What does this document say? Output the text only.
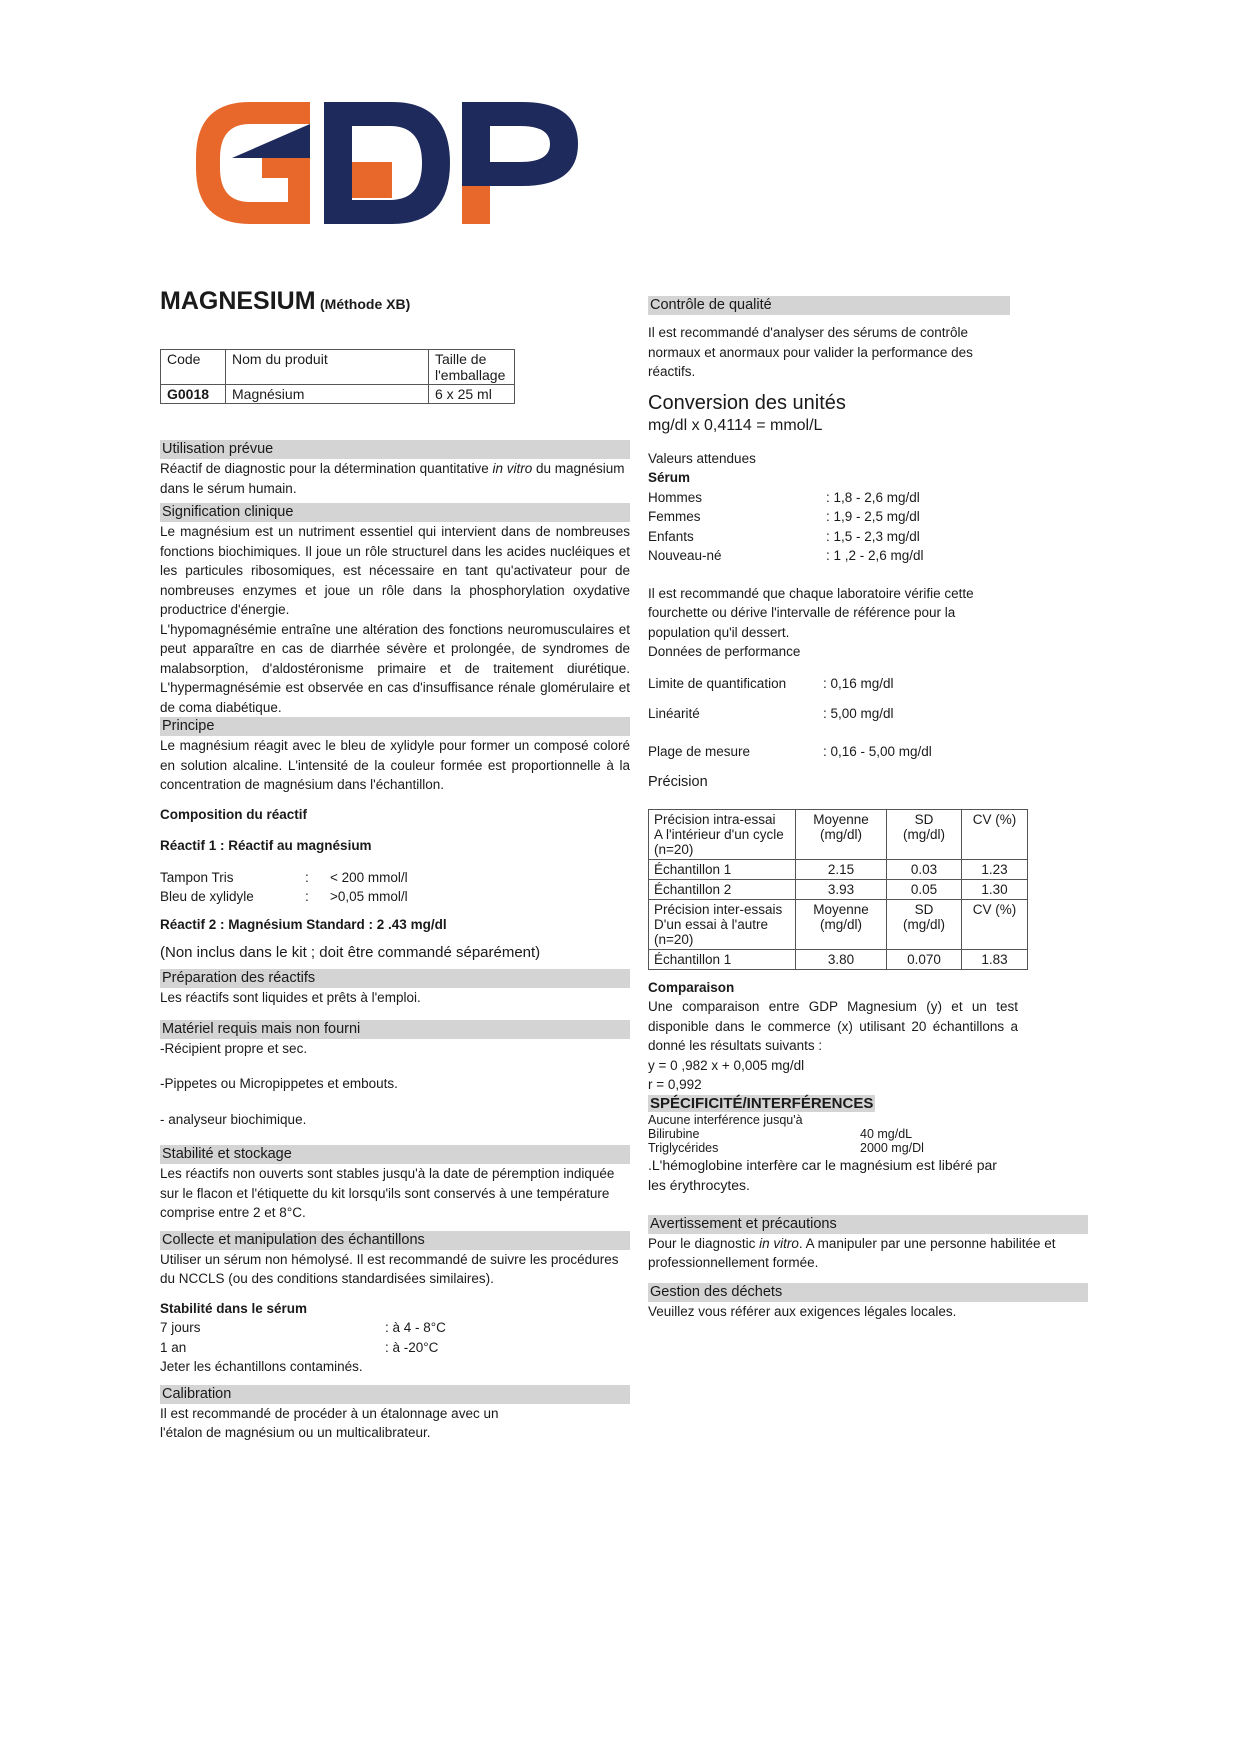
MAGNESIUM (Méthode XB)
Code	Nom du produit	Taille de l'emballage
G0018	Magnésium	6 x 25 ml
Utilisation prévue
Réactif de diagnostic pour la détermination quantitative in vitro du magnésium dans le sérum humain.
Signification clinique
Le magnésium est un nutriment essentiel qui intervient dans de nombreuses fonctions biochimiques. Il joue un rôle structurel dans les acides nucléiques et les particules ribosomiques, est nécessaire en tant qu'activateur pour de nombreuses enzymes et joue un rôle dans la phosphorylation oxydative productrice d'énergie.
L'hypomagnésémie entraîne une altération des fonctions neuromusculaires et peut apparaître en cas de diarrhée sévère et prolongée, de syndromes de malabsorption, d'aldostéronisme primaire et de traitement diurétique. L'hypermagnésémie est observée en cas d'insuffisance rénale glomérulaire et de coma diabétique.
Principe
Le magnésium réagit avec le bleu de xylidyle pour former un composé coloré en solution alcaline. L'intensité de la couleur formée est proportionnelle à la concentration de magnésium dans l'échantillon.
Composition du réactif
Réactif 1 : Réactif au magnésium
Tampon Tris	:	< 200 mmol/l
Bleu de xylidyle	:	>0,05 mmol/l
Réactif 2 : Magnésium Standard : 2 .43 mg/dl
(Non inclus dans le kit ; doit être commandé séparément)
Préparation des réactifs
Les réactifs sont liquides et prêts à l'emploi.
Matériel requis mais non fourni
-Récipient propre et sec.
-Pippetes ou Micropippetes et embouts.
- analyseur biochimique.
Stabilité et stockage
Les réactifs non ouverts sont stables jusqu'à la date de péremption indiquée sur le flacon et l'étiquette du kit lorsqu'ils sont conservés à une température comprise entre 2 et 8°C.
Collecte et manipulation des échantillons
Utiliser un sérum non hémolysé. Il est recommandé de suivre les procédures du NCCLS (ou des conditions standardisées similaires).
Stabilité dans le sérum
7 jours	: à 4 - 8°C
1 an	: à -20°C
Jeter les échantillons contaminés.
Calibration
Il est recommandé de procéder à un étalonnage avec un
l'étalon de magnésium ou un multicalibrateur.
Contrôle de qualité
Il est recommandé d'analyser des sérums de contrôle normaux et anormaux pour valider la performance des réactifs.
Conversion des unités
mg/dl x 0,4114 = mmol/L
Valeurs attendues
Sérum
Hommes	: 1,8 - 2,6 mg/dl
Femmes	: 1,9 - 2,5 mg/dl
Enfants	: 1,5 - 2,3 mg/dl
Nouveau-né	: 1 ,2 - 2,6 mg/dl
Il est recommandé que chaque laboratoire vérifie cette fourchette ou dérive l'intervalle de référence pour la population qu'il dessert.
Données de performance
Limite de quantification	: 0,16 mg/dl
Linéarité	: 5,00 mg/dl
Plage de mesure	: 0,16 - 5,00 mg/dl
Précision
Précision intra-essai
A l'intérieur d'un cycle
(n=20)	Moyenne (mg/dl)	SD (mg/dl)	CV (%)
Échantillon 1	2.15	0.03	1.23
Échantillon 2	3.93	0.05	1.30

Précision inter-essais
D'un essai à l'autre
(n=20)	Moyenne (mg/dl)	SD (mg/dl)	CV (%)
Échantillon 1	3.80	0.070	1.83
Comparaison
Une comparaison entre GDP Magnesium (y) et un test disponible dans le commerce (x) utilisant 20 échantillons a donné les résultats suivants :
y = 0 ,982 x + 0,005 mg/dl
r = 0,992
SPÉCIFICITÉ/INTERFÉRENCES
Aucune interférence jusqu'à
Bilirubine	40 mg/dL
Triglycérides	2000 mg/Dl
.L'hémoglobine interfère car le magnésium est libéré par les érythrocytes.
Avertissement et précautions
Pour le diagnostic in vitro. A manipuler par une personne habilitée et professionnellement formée.
Gestion des déchets
Veuillez vous référer aux exigences légales locales.
